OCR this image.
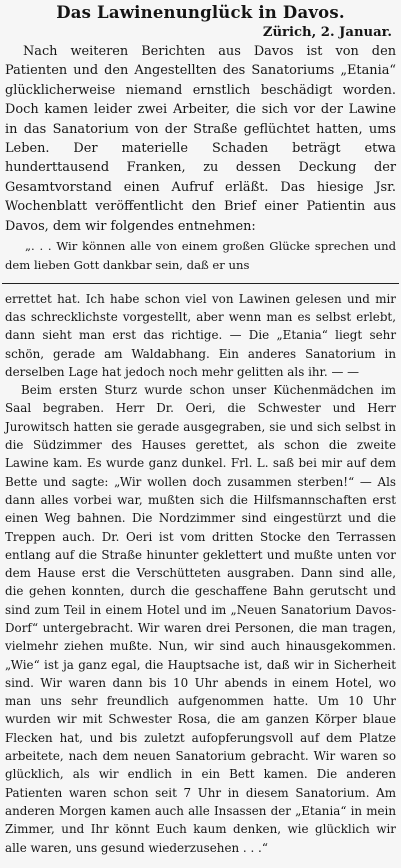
Das Lawinenunglück in Davos.
Zürich, 2. Januar.

Nach weiteren Berichten aus Davos ist von den Patienten und den Angestellten des Sanatoriums „Etania“ glücklicherweise niemand ernstlich beschädigt worden. Doch kamen leider zwei Arbeiter, die sich vor der Lawine in das Sanatorium von der Straße geflüchtet hatten, ums Leben. Der materielle Schaden beträgt etwa hunderttausend Franken, zu dessen Deckung der Gesamtvorstand einen Aufruf erläßt. Das hiesige Jsr. Wochenblatt veröffentlicht den Brief einer Patientin aus Davos, dem wir folgendes entnehmen:

„. . . Wir können alle von einem großen Glücke sprechen und dem lieben Gott dankbar sein, daß er uns

errettet hat. Ich habe schon viel von Lawinen gelesen und mir das schrecklichste vorgestellt, aber wenn man es selbst erlebt, dann sieht man erst das richtige. — Die „Etania“ liegt sehr schön, gerade am Waldabhang. Ein anderes Sanatorium in derselben Lage hat jedoch noch mehr gelitten als ihr. — —

Beim ersten Sturz wurde schon unser Küchenmädchen im Saal begraben. Herr Dr. Oeri, die Schwester und Herr Jurowitsch hatten sie gerade ausgegraben, sie und sich selbst in die Südzimmer des Hauses gerettet, als schon die zweite Lawine kam. Es wurde ganz dunkel. Frl. L. saß bei mir auf dem Bette und sagte: „Wir wollen doch zusammen sterben!“ — Als dann alles vorbei war, mußten sich die Hilfsmannschaften erst einen Weg bahnen. Die Nordzimmer sind eingestürzt und die Treppen auch. Dr. Oeri ist vom dritten Stocke den Terrassen entlang auf die Straße hinunter geklettert und mußte unten vor dem Hause erst die Verschütteten ausgraben. Dann sind alle, die gehen konnten, durch die geschaffene Bahn gerutscht und sind zum Teil in einem Hotel und im „Neuen Sanatorium Davos-Dorf“ untergebracht. Wir waren drei Personen, die man tragen, vielmehr ziehen mußte. Nun, wir sind auch hinausgekommen. „Wie“ ist ja ganz egal, die Hauptsache ist, daß wir in Sicherheit sind. Wir waren dann bis 10 Uhr abends in einem Hotel, wo man uns sehr freundlich aufgenommen hatte. Um 10 Uhr wurden wir mit Schwester Rosa, die am ganzen Körper blaue Flecken hat, und bis zuletzt aufopferungsvoll auf dem Platze arbeitete, nach dem neuen Sanatorium gebracht. Wir waren so glücklich, als wir endlich in ein Bett kamen. Die anderen Patienten waren schon seit 7 Uhr in diesem Sanatorium. Am anderen Morgen kamen auch alle Insassen der „Etania“ in mein Zimmer, und Ihr könnt Euch kaum denken, wie glücklich wir alle waren, uns gesund wiederzusehen . . .“
